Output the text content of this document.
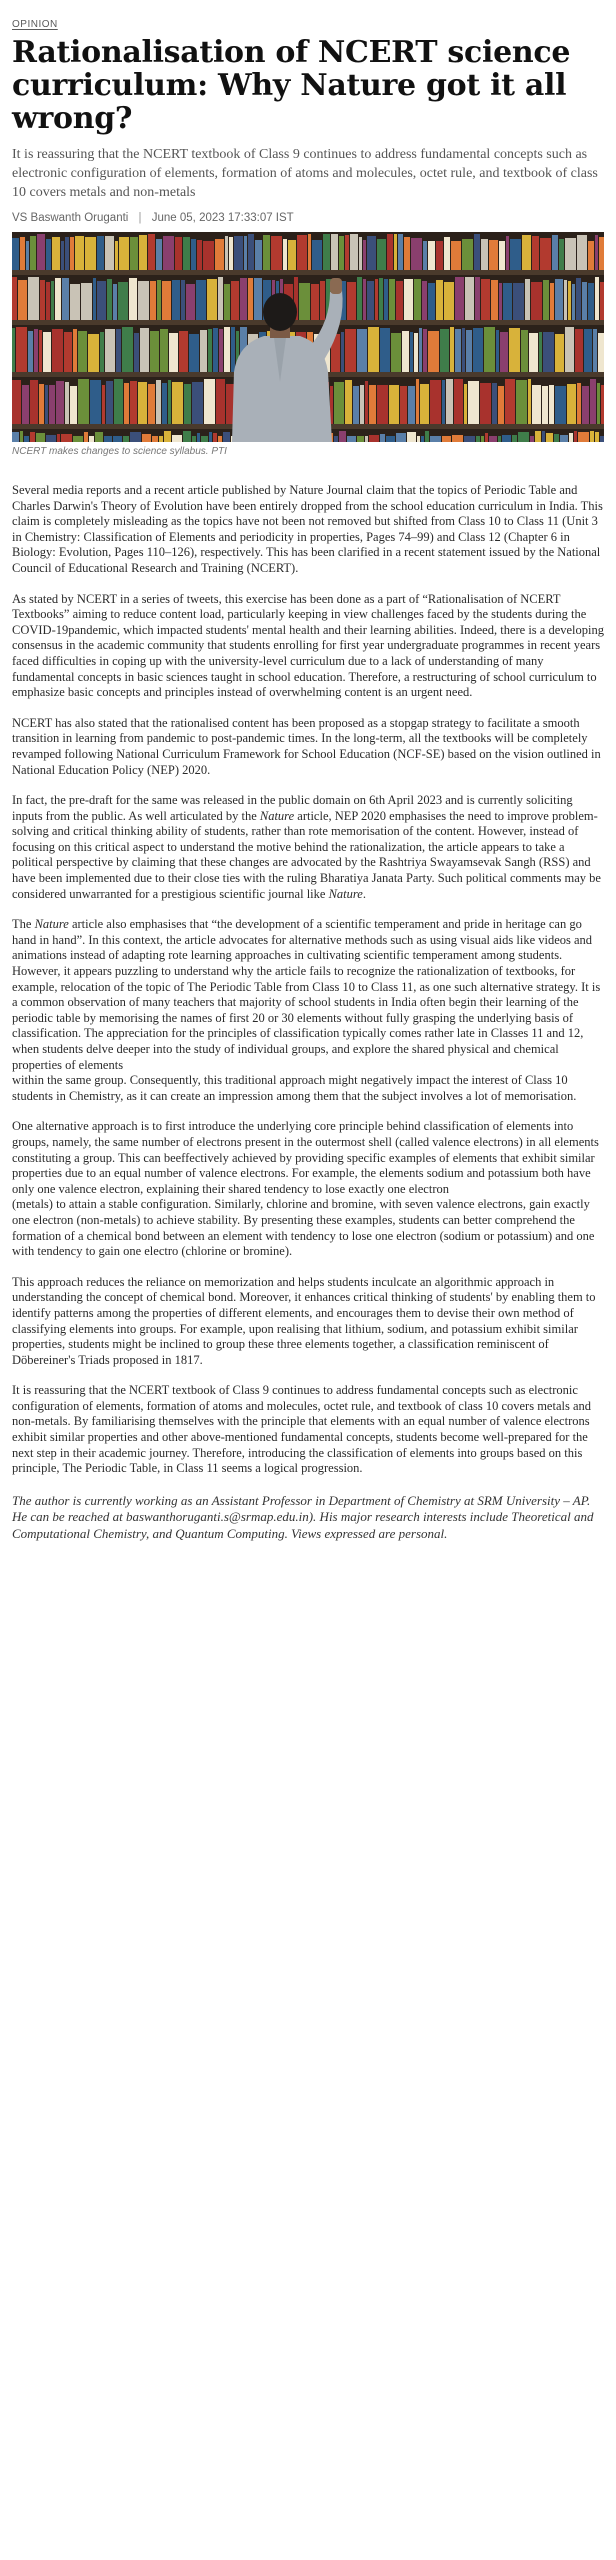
OPINION
Rationalisation of NCERT science curriculum: Why Nature got it all wrong?

It is reassuring that the NCERT textbook of Class 9 continues to address fundamental concepts such as electronic configuration of elements, formation of atoms and molecules, octet rule, and textbook of class 10 covers metals and non-metals

VS Baswanth Oruganti | June 05, 2023 17:33:07 IST
NCERT makes changes to science syllabus. PTI

Several media reports and a recent article published by Nature Journal claim that the topics of Periodic Table and Charles Darwin's Theory of Evolution have been entirely dropped from the school education curriculum in India. This claim is completely misleading as the topics have not been not removed but shifted from Class 10 to Class 11 (Unit 3 in Chemistry: Classification of Elements and periodicity in properties, Pages 74–99) and Class 12 (Chapter 6 in Biology: Evolution, Pages 110–126), respectively. This has been clarified in a recent statement issued by the National Council of Educational Research and Training (NCERT).

As stated by NCERT in a series of tweets, this exercise has been done as a part of “Rationalisation of NCERT Textbooks” aiming to reduce content load, particularly keeping in view challenges faced by the students during the COVID-19pandemic, which impacted students' mental health and their learning abilities. Indeed, there is a developing consensus in the academic community that students enrolling for first year undergraduate programmes in recent years faced difficulties in coping up with the university-level curriculum due to a lack of understanding of many fundamental concepts in basic sciences taught in school education. Therefore, a restructuring of school curriculum to emphasize basic concepts and principles instead of overwhelming content is an urgent need.

NCERT has also stated that the rationalised content has been proposed as a stopgap strategy to facilitate a smooth transition in learning from pandemic to post-pandemic times. In the long-term, all the textbooks will be completely revamped following National Curriculum Framework for School Education (NCF-SE) based on the vision outlined in National Education Policy (NEP) 2020.

In fact, the pre-draft for the same was released in the public domain on 6th April 2023 and is currently soliciting inputs from the public. As well articulated by the Nature article, NEP 2020 emphasises the need to improve problem-solving and critical thinking ability of students, rather than rote memorisation of the content. However, instead of focusing on this critical aspect to understand the motive behind the rationalization, the article appears to take a political perspective by claiming that these changes are advocated by the Rashtriya Swayamsevak Sangh (RSS) and have been implemented due to their close ties with the ruling Bharatiya Janata Party. Such political comments may be considered unwarranted for a prestigious scientific journal like Nature.

The Nature article also emphasises that “the development of a scientific temperament and pride in heritage can go hand in hand”. In this context, the article advocates for alternative methods such as using visual aids like videos and animations instead of adapting rote learning approaches in cultivating scientific temperament among students. However, it appears puzzling to understand why the article fails to recognize the rationalization of textbooks, for example, relocation of the topic of The Periodic Table from Class 10 to Class 11, as one such alternative strategy. It is a common observation of many teachers that majority of school students in India often begin their learning of the periodic table by memorising the names of first 20 or 30 elements without fully grasping the underlying basis of classification. The appreciation for the principles of classification typically comes rather late in Classes 11 and 12, when students delve deeper into the study of individual groups, and explore the shared physical and chemical properties of elements

within the same group. Consequently, this traditional approach might negatively impact the interest of Class 10 students in Chemistry, as it can create an impression among them that the subject involves a lot of memorisation.

One alternative approach is to first introduce the underlying core principle behind classification of elements into groups, namely, the same number of electrons present in the outermost shell (called valence electrons) in all elements constituting a group. This can beeffectively achieved by providing specific examples of elements that exhibit similar properties due to an equal number of valence electrons. For example, the elements sodium and potassium both have only one valence electron, explaining their shared tendency to lose exactly one electron

(metals) to attain a stable configuration. Similarly, chlorine and bromine, with seven valence electrons, gain exactly one electron (non-metals) to achieve stability. By presenting these examples, students can better comprehend the formation of a chemical bond between an element with tendency to lose one electron (sodium or potassium) and one with tendency to gain one electro (chlorine or bromine).

This approach reduces the reliance on memorization and helps students inculcate an algorithmic approach in understanding the concept of chemical bond. Moreover, it enhances critical thinking of students' by enabling them to identify patterns among the properties of different elements, and encourages them to devise their own method of classifying elements into groups. For example, upon realising that lithium, sodium, and potassium exhibit similar properties, students might be inclined to group these three elements together, a classification reminiscent of Döbereiner's Triads proposed in 1817.

It is reassuring that the NCERT textbook of Class 9 continues to address fundamental concepts such as electronic configuration of elements, formation of atoms and molecules, octet rule, and textbook of class 10 covers metals and non-metals. By familiarising themselves with the principle that elements with an equal number of valence electrons exhibit similar properties and other above-mentioned fundamental concepts, students become well-prepared for the next step in their academic journey. Therefore, introducing the classification of elements into groups based on this principle, The Periodic Table, in Class 11 seems a logical progression.

The author is currently working as an Assistant Professor in Department of Chemistry at SRM University – AP. He can be reached at baswanthoruganti.s@srmap.edu.in). His major research interests include Theoretical and Computational Chemistry, and Quantum Computing. Views expressed are personal.
